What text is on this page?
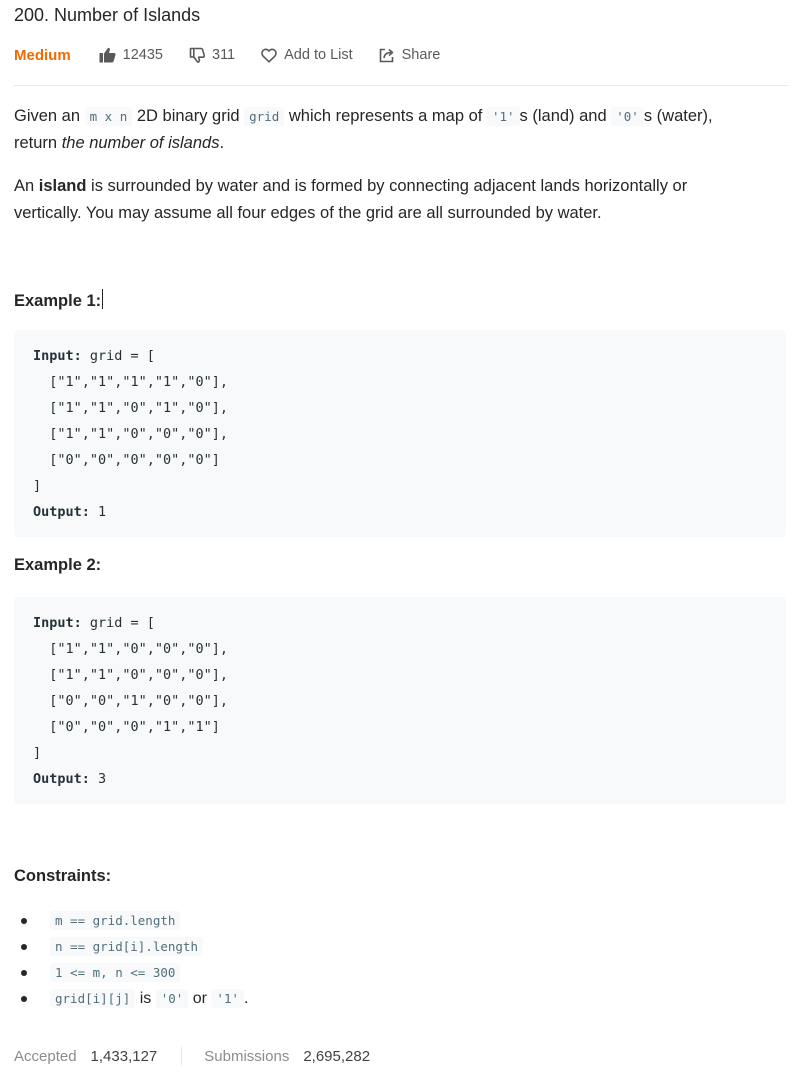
200. Number of Islands
Medium	12435	311	Add to List	Share
Given an m x n 2D binary grid grid which represents a map of '1' s (land) and '0' s (water),
return the number of islands.
An island is surrounded by water and is formed by connecting adjacent lands horizontally or
vertically. You may assume all four edges of the grid are all surrounded by water.
Example 1:
Input: grid = [
["1","1","1","1","0"],
["1","1","0","1","0"],
["1","1","0","0","0"],
["0","0","0","0","0"]
]
Output: 1
Example 2:
Input: grid = [
["1","1","0","0","0"],
["1","1","0","0","0"],
["0","0","1","0","0"],
["0","0","0","1","1"]
]
Output: 3
Constraints:
m == grid.length
n == grid[i].length
1 <= m, n <= 300
grid[i][j] is '0' or '1' .
Accepted 1,433,127	Submissions 2,695,282
